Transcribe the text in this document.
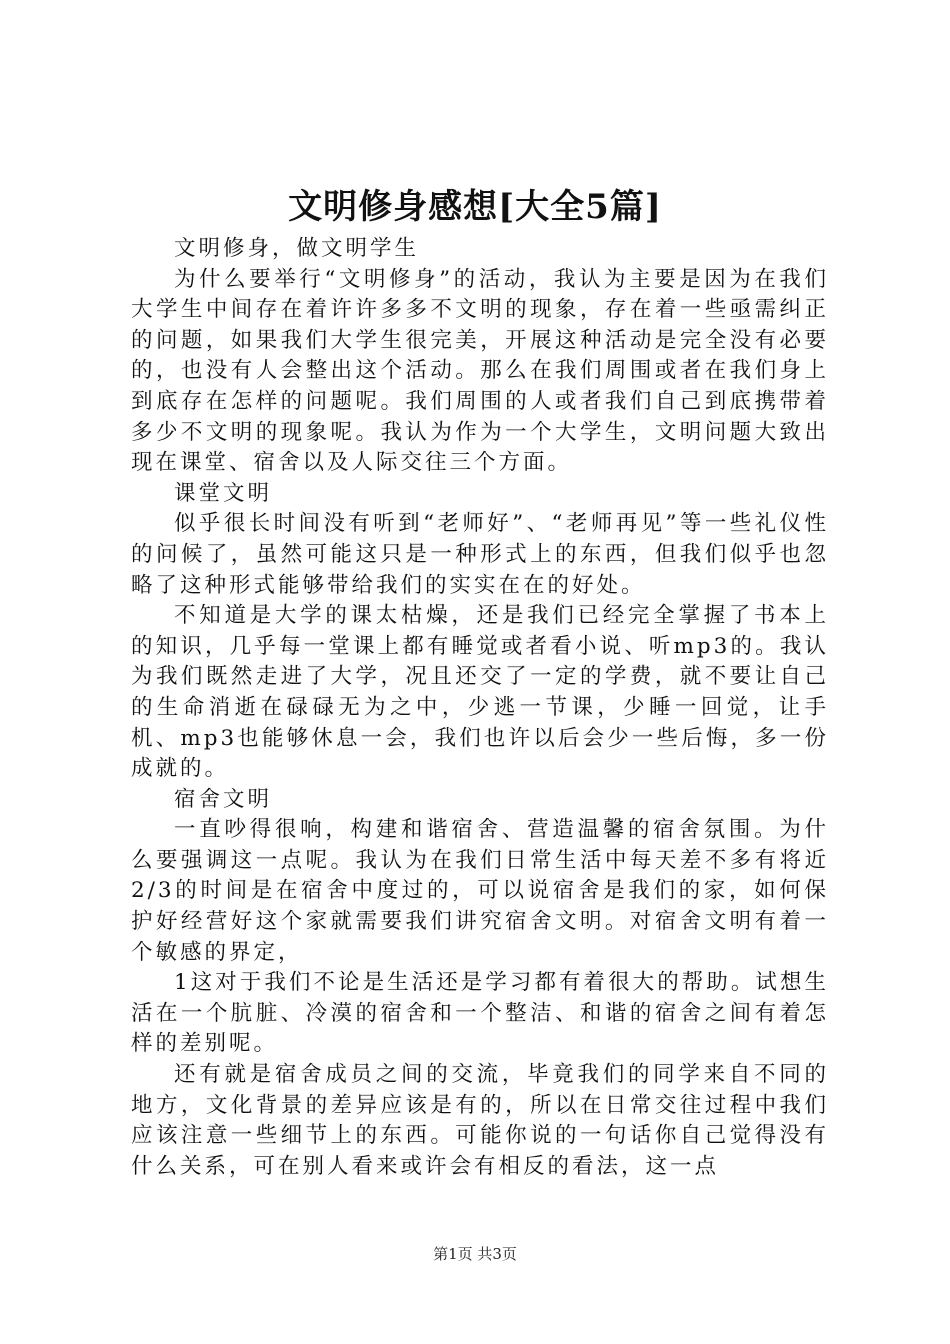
文明修身感想[大全5篇]

文明修身，做文明学生

为什么要举行“文明修身”的活动，我认为主要是因为在我们大学生中间存在着许许多多不文明的现象，存在着一些亟需纠正的问题，如果我们大学生很完美，开展这种活动是完全没有必要的，也没有人会整出这个活动。那么在我们周围或者在我们身上到底存在怎样的问题呢。我们周围的人或者我们自己到底携带着多少不文明的现象呢。我认为作为一个大学生，文明问题大致出现在课堂、宿舍以及人际交往三个方面。

课堂文明

似乎很长时间没有听到“老师好”、“老师再见”等一些礼仪性的问候了，虽然可能这只是一种形式上的东西，但我们似乎也忽略了这种形式能够带给我们的实实在在的好处。

不知道是大学的课太枯燥，还是我们已经完全掌握了书本上的知识，几乎每一堂课上都有睡觉或者看小说、听mp3的。我认为我们既然走进了大学，况且还交了一定的学费，就不要让自己的生命消逝在碌碌无为之中，少逃一节课，少睡一回觉，让手机、mp3也能够休息一会，我们也许以后会少一些后悔，多一份成就的。

宿舍文明

一直吵得很响，构建和谐宿舍、营造温馨的宿舍氛围。为什么要强调这一点呢。我认为在我们日常生活中每天差不多有将近2/3的时间是在宿舍中度过的，可以说宿舍是我们的家，如何保护好经营好这个家就需要我们讲究宿舍文明。对宿舍文明有着一个敏感的界定，

1这对于我们不论是生活还是学习都有着很大的帮助。试想生活在一个肮脏、冷漠的宿舍和一个整洁、和谐的宿舍之间有着怎样的差别呢。

还有就是宿舍成员之间的交流，毕竟我们的同学来自不同的地方，文化背景的差异应该是有的，所以在日常交往过程中我们应该注意一些细节上的东西。可能你说的一句话你自己觉得没有什么关系，可在别人看来或许会有相反的看法，这一点

第1页 共3页
